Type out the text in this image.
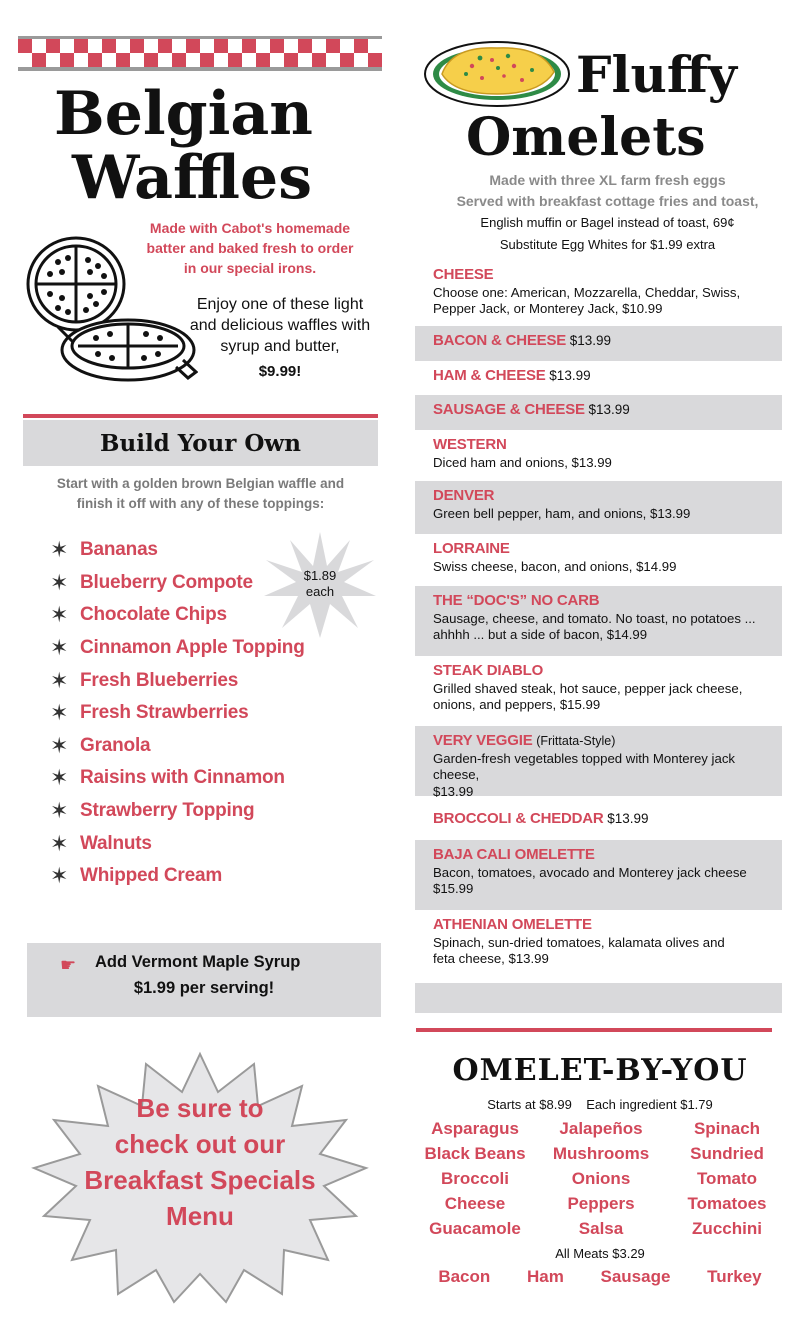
Belgian
Waffles
Made with Cabot's homemade
batter and baked fresh to order
in our special irons.
Enjoy one of these light
and delicious waffles with
syrup and butter,
$9.99!
Build Your Own
Start with a golden brown Belgian waffle and
finish it off with any of these toppings:
✶ Bananas
✶ Blueberry Compote
✶ Chocolate Chips
✶ Cinnamon Apple Topping
✶ Fresh Blueberries
✶ Fresh Strawberries
✶ Granola
✶ Raisins with Cinnamon
✶ Strawberry Topping
✶ Walnuts
✶ Whipped Cream
$1.89
each
☛ Add Vermont Maple Syrup
$1.99 per serving!
Be sure to
check out our
Breakfast Specials
Menu
Fluffy
Omelets
Made with three XL farm fresh eggs
Served with breakfast cottage fries and toast,
English muffin or Bagel instead of toast, 69¢
Substitute Egg Whites for $1.99 extra
CHEESE
Choose one: American, Mozzarella, Cheddar, Swiss,
Pepper Jack, or Monterey Jack, $10.99
BACON & CHEESE $13.99
HAM & CHEESE $13.99
SAUSAGE & CHEESE $13.99
WESTERN
Diced ham and onions, $13.99
DENVER
Green bell pepper, ham, and onions, $13.99
LORRAINE
Swiss cheese, bacon, and onions, $14.99
THE “DOC'S” NO CARB
Sausage, cheese, and tomato. No toast, no potatoes ...
ahhhh ... but a side of bacon, $14.99
STEAK DIABLO
Grilled shaved steak, hot sauce, pepper jack cheese,
onions, and peppers, $15.99
VERY VEGGIE (Frittata-Style)
Garden-fresh vegetables topped with Monterey jack cheese,
$13.99
BROCCOLI & CHEDDAR $13.99
BAJA CALI OMELETTE
Bacon, tomatoes, avocado and Monterey jack cheese
$15.99
ATHENIAN OMELETTE
Spinach, sun-dried tomatoes, kalamata olives and
feta cheese, $13.99
OMELET-BY-YOU
Starts at $8.99 Each ingredient $1.79
Asparagus	Jalapeños	Spinach
Black Beans	Mushrooms	Sundried
Broccoli	Onions	Tomato
Cheese	Peppers	Tomatoes
Guacamole	Salsa	Zucchini
All Meats $3.29
Bacon Ham Sausage Turkey
